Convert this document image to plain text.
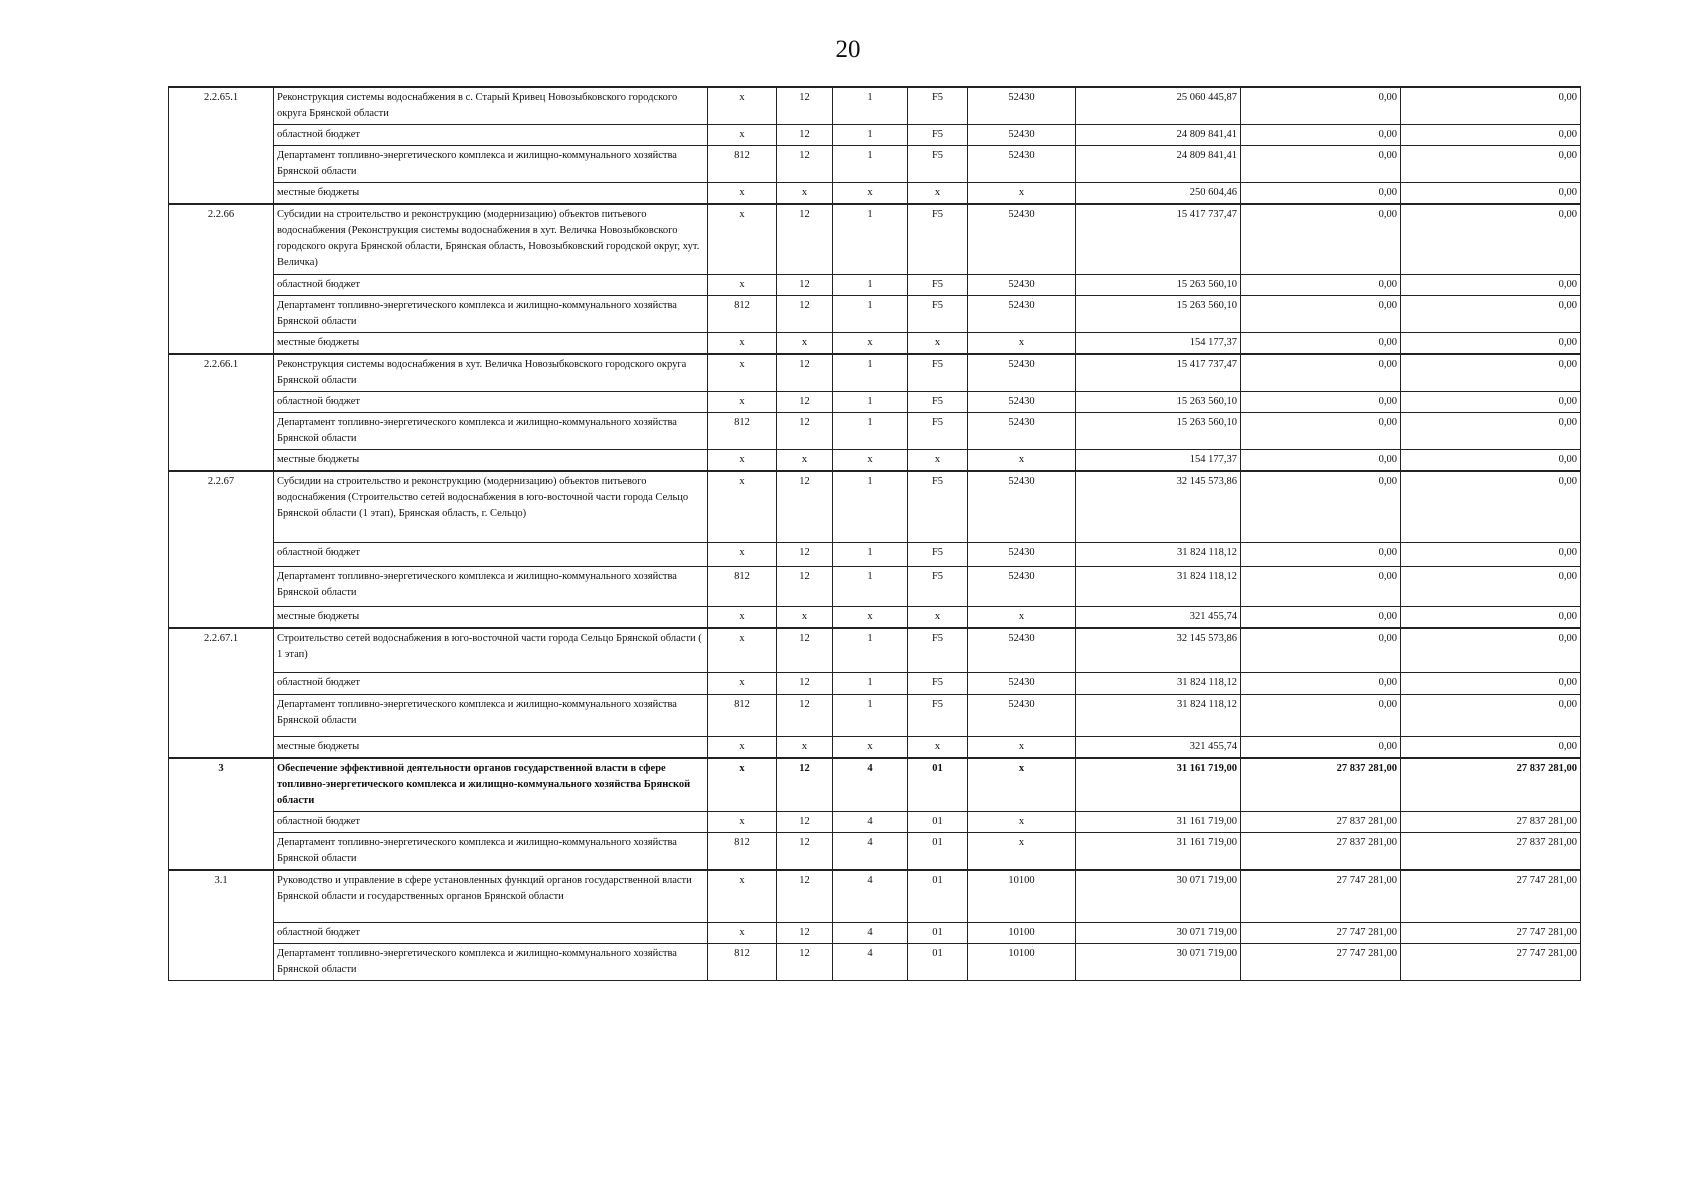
20
2.2.65.1	Реконструкция системы водоснабжения в с. Старый Кривец Новозыбковского городского округа Брянской области	х	12	1	F5	52430	25 060 445,87	0,00	0,00
	областной бюджет	х	12	1	F5	52430	24 809 841,41	0,00	0,00
	Департамент топливно-энергетического комплекса и жилищно-коммунального хозяйства Брянской области	812	12	1	F5	52430	24 809 841,41	0,00	0,00
	местные бюджеты	х	х	х	х	х	250 604,46	0,00	0,00
2.2.66	Субсидии на строительство и реконструкцию (модернизацию) объектов питьевого водоснабжения (Реконструкция системы водоснабжения в хут. Величка Новозыбковского городского округа Брянской области, Брянская область, Новозыбковский городской округ, хут. Величка)	х	12	1	F5	52430	15 417 737,47	0,00	0,00
	областной бюджет	х	12	1	F5	52430	15 263 560,10	0,00	0,00
	Департамент топливно-энергетического комплекса и жилищно-коммунального хозяйства Брянской области	812	12	1	F5	52430	15 263 560,10	0,00	0,00
	местные бюджеты	х	х	х	х	х	154 177,37	0,00	0,00
2.2.66.1	Реконструкция системы водоснабжения в хут. Величка Новозыбковского городского округа Брянской области	х	12	1	F5	52430	15 417 737,47	0,00	0,00
	областной бюджет	х	12	1	F5	52430	15 263 560,10	0,00	0,00
	Департамент топливно-энергетического комплекса и жилищно-коммунального хозяйства Брянской области	812	12	1	F5	52430	15 263 560,10	0,00	0,00
	местные бюджеты	х	х	х	х	х	154 177,37	0,00	0,00
2.2.67	Субсидии на строительство и реконструкцию (модернизацию) объектов питьевого водоснабжения (Строительство сетей водоснабжения в юго-восточной части города Сельцо Брянской области (1 этап), Брянская область, г. Сельцо)	х	12	1	F5	52430	32 145 573,86	0,00	0,00
	областной бюджет	х	12	1	F5	52430	31 824 118,12	0,00	0,00
	Департамент топливно-энергетического комплекса и жилищно-коммунального хозяйства Брянской области	812	12	1	F5	52430	31 824 118,12	0,00	0,00
	местные бюджеты	х	х	х	х	х	321 455,74	0,00	0,00
2.2.67.1	Строительство сетей водоснабжения в юго-восточной части города Сельцо Брянской области ( 1 этап)	х	12	1	F5	52430	32 145 573,86	0,00	0,00
	областной бюджет	х	12	1	F5	52430	31 824 118,12	0,00	0,00
	Департамент топливно-энергетического комплекса и жилищно-коммунального хозяйства Брянской области	812	12	1	F5	52430	31 824 118,12	0,00	0,00
	местные бюджеты	х	х	х	х	х	321 455,74	0,00	0,00
3	Обеспечение эффективной деятельности органов государственной власти в сфере топливно-энергетического комплекса и жилищно-коммунального хозяйства Брянской области	х	12	4	01	х	31 161 719,00	27 837 281,00	27 837 281,00
	областной бюджет	х	12	4	01	х	31 161 719,00	27 837 281,00	27 837 281,00
	Департамент топливно-энергетического комплекса и жилищно-коммунального хозяйства Брянской области	812	12	4	01	х	31 161 719,00	27 837 281,00	27 837 281,00
3.1	Руководство и управление в сфере установленных функций органов государственной власти Брянской области и государственных органов Брянской области	х	12	4	01	10100	30 071 719,00	27 747 281,00	27 747 281,00
	областной бюджет	х	12	4	01	10100	30 071 719,00	27 747 281,00	27 747 281,00
	Департамент топливно-энергетического комплекса и жилищно-коммунального хозяйства Брянской области	812	12	4	01	10100	30 071 719,00	27 747 281,00	27 747 281,00
